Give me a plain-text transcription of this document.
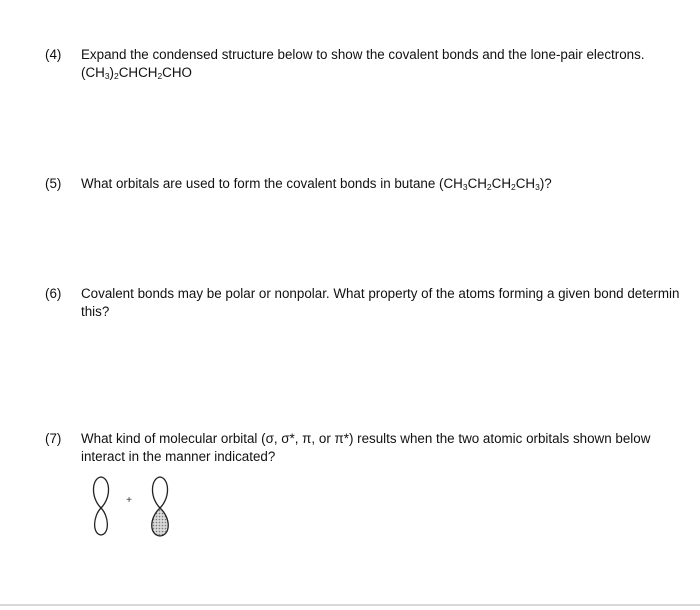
(4)	Expand the condensed structure below to show the covalent bonds and the lone-pair electrons.
$(CH_3)_2CHCH_2CHO$
(5)	What orbitals are used to form the covalent bonds in butane $(CH_3CH_2CH_2CH_3)$?
(6)	Covalent bonds may be polar or nonpolar. What property of the atoms forming a given bond determin
this?
(7)	What kind of molecular orbital (σ, σ*, π, or π*) results when the two atomic orbitals shown below
interact in the manner indicated?
+
